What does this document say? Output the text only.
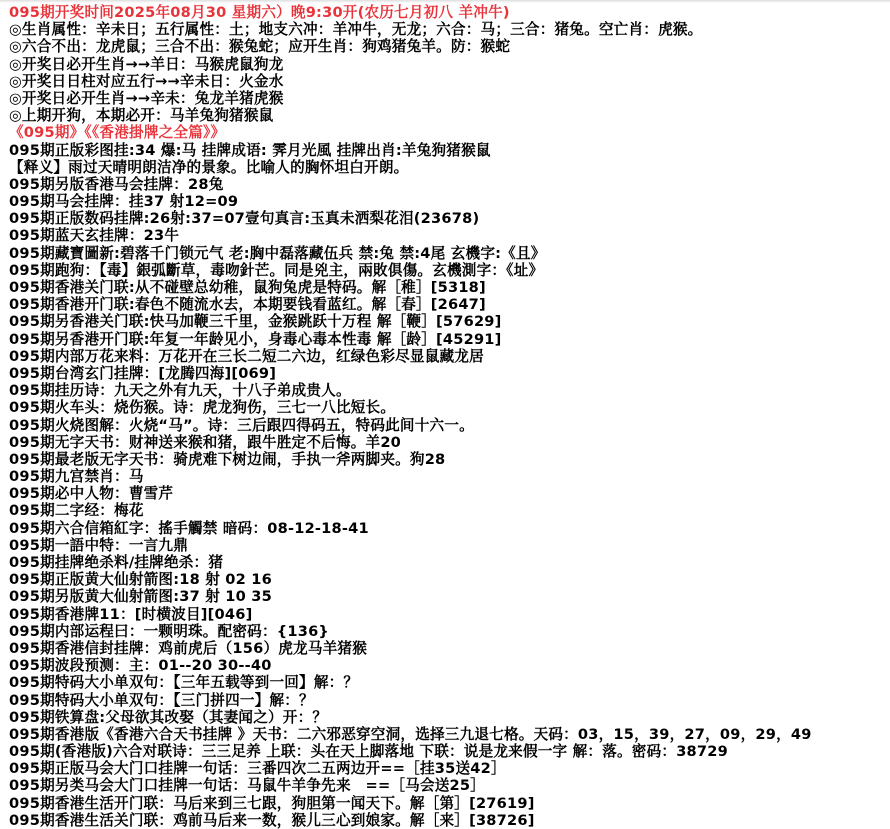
095期开奖时间2025年08月30 星期六）晚9:30开(农历七月初八 羊冲牛)
◎生肖属性：辛未日；五行属性：土；地支六冲：羊冲牛，无龙；六合：马；三合：猪兔。空亡肖：虎猴。
◎六合不出：龙虎鼠；三合不出：猴兔蛇；应开生肖：狗鸡猪兔羊。防：猴蛇
◎开奖日必开生肖→→羊日：马猴虎鼠狗龙
◎开奖日日柱对应五行→→辛未日：火金水
◎开奖日必开生肖→→辛未：兔龙羊猪虎猴
◎上期开狗，本期必开：马羊兔狗猪猴鼠
《095期》《《香港掛牌之全篇》》
095期正版彩图挂:34 爆:马 挂牌成语: 霁月光風 挂牌出肖:羊兔狗猪猴鼠
【释义】雨过天晴明朗洁净的景象。比喻人的胸怀坦白开朗。
095期另版香港马会挂牌：28兔
095期马会挂牌：挂37 射12=09
095期正版数码挂牌:26射:37=07壹句真言:玉真未洒梨花泪(23678)
095期蓝天玄挂牌：23牛
095期藏寶圖新:碧落千门锁元气 老:胸中磊落藏伍兵 禁:兔 禁:4尾 玄機字:《且》
095期跑狗：【毒】銀弧斷草，毒吻針芒。同是兇主，兩敗俱傷。玄機測字：《址》
095期香港关门联:从不碰壁总幼稚，鼠狗兔虎是特码。解［稚］[5318]
095期香港开门联:春色不随流水去，本期要钱看蓝红。解［春］[2647]
095期另香港关门联:快马加鞭三千里，金猴跳跃十万程 解［鞭］[57629]
095期另香港开门联:年复一年龄见小，身毒心毒本性毒 解［龄］[45291]
095期内部万花来料：万花开在三长二短二六边，红绿色彩尽显鼠藏龙居
095期台湾玄门挂牌：[龙腾四海][069]
095期挂历诗：九天之外有九天，十八子弟成贵人。
095期火车头：烧伤猴。诗：虎龙狗伤，三七一八比短长。
095期火烧图解：火烧“马”。诗：三后跟四得码五，特码此间十六一。
095期无字天书：财神送来猴和猪，跟牛胜定不后悔。羊20
095期最老版无字天书：骑虎难下树边闹，手执一斧两脚夹。狗28
095期九宫禁肖：马
095期必中人物：曹雪芹
095期二字经：梅花
095期六合信箱紅字：搖手觸禁 暗码：08-12-18-41
095期一語中特：一言九鼎
095期挂牌绝杀料/挂牌绝杀：猪
095期正版黄大仙射箭图:18 射 02 16
095期另版黄大仙射箭图:37 射 10 35
095期香港牌11：[时横波目][046]
095期内部运程曰：一颗明珠。配密码：{136}
095期香港信封挂牌：鸡前虎后（156）虎龙马羊猪猴
095期波段预测：主：01--20 30--40
095期特码大小单双句：【三年五载等到一回】解：？
095期特码大小单双句：【三门拼四一】解：？
095期铁算盘:父母欲其改娶（其妻闻之）开：？
095期香港版《香港六合天书挂牌 》天书：二六邪恶穿空洞，选择三九退七格。天码：03，15，39，27，09，29，49
095期(香港版)六合对联诗：三三足养 上联：头在天上脚落地 下联：说是龙来假一字 解：落。密码：38729
095期正版马会大门口挂牌一句话：三番四次二五两边开==［挂35送42］
095期另类马会大门口挂牌一句话：马鼠牛羊争先来　==［马会送25］
095期香港生活开门联：马后来到三七跟，狗胆第一闻天下。解［第］[27619]
095期香港生活关门联：鸡前马后来一数，猴儿三心到娘家。解［来］[38726]
